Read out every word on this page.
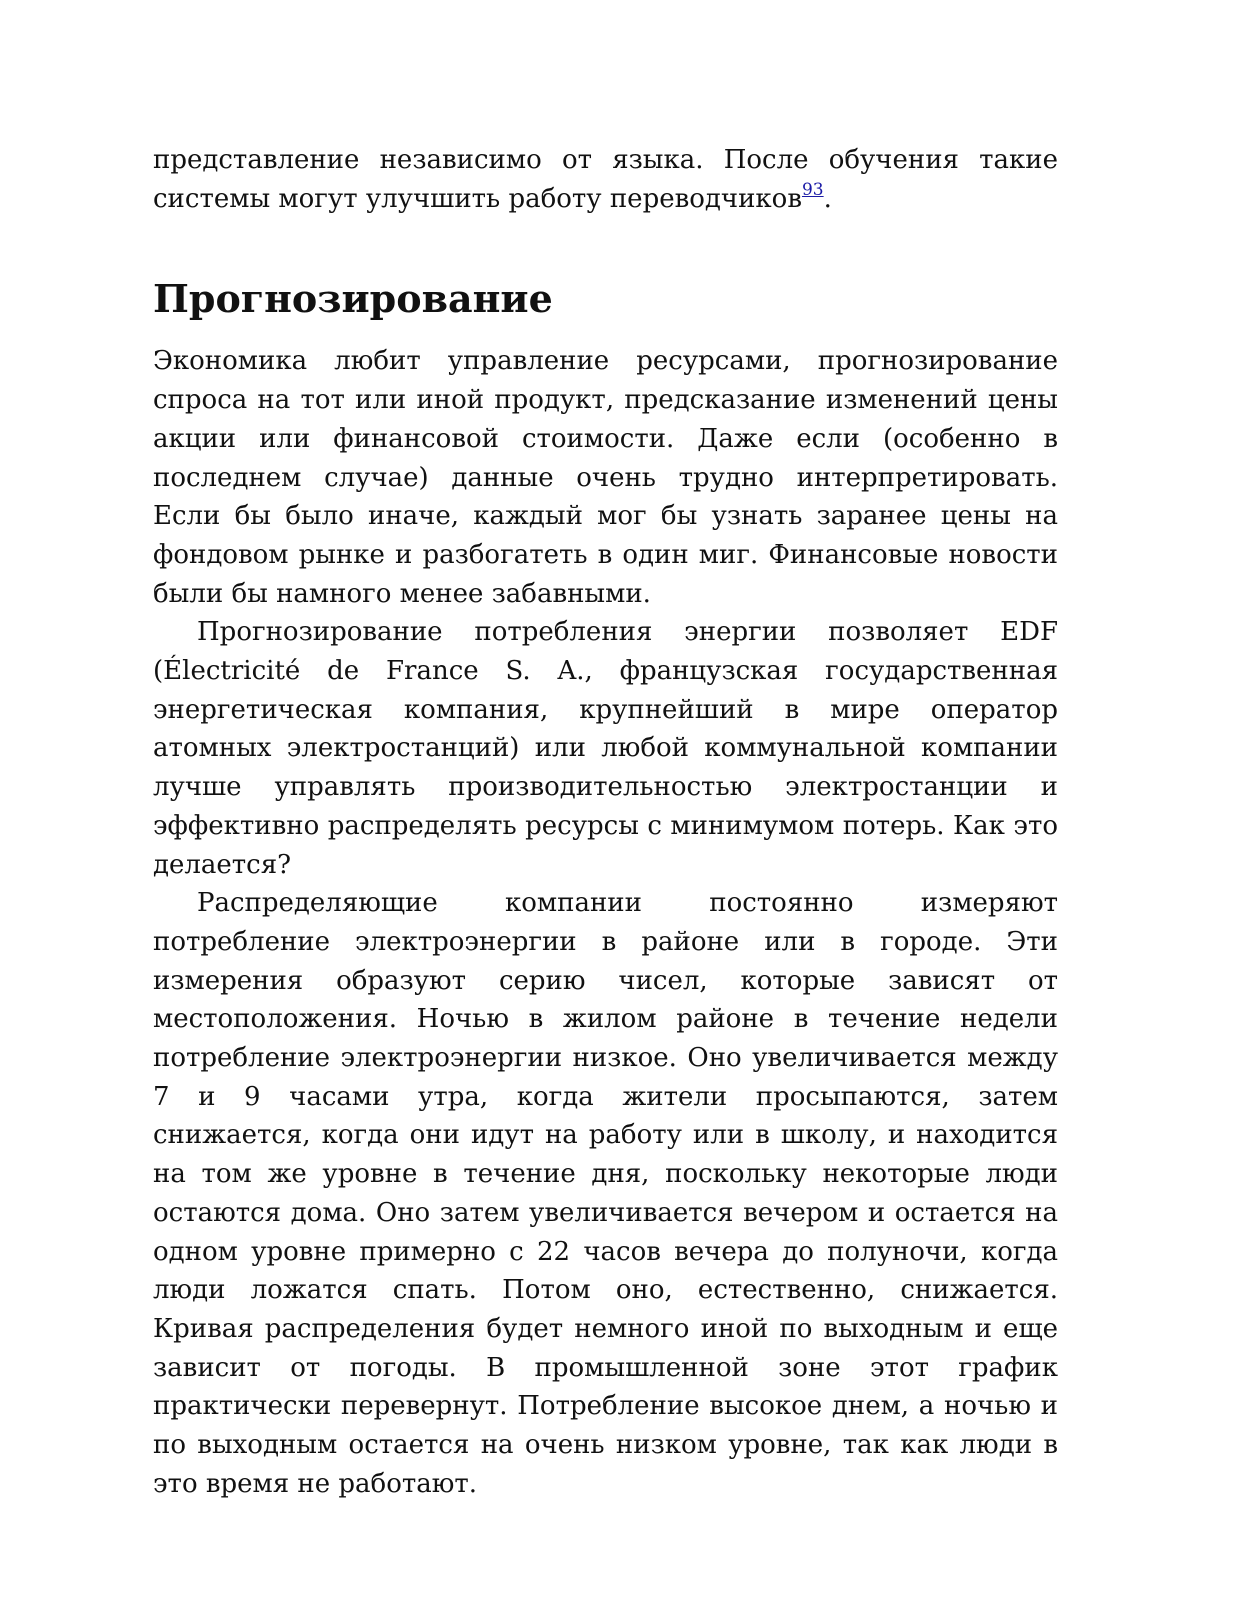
представление независимо от языка. После обучения такие системы могут улучшить работу переводчиков$^{93}$.

Прогнозирование

Экономика любит управление ресурсами, прогнозирование спроса на тот или иной продукт, предсказание изменений цены акции или финансовой стоимости. Даже если (особенно в последнем случае) данные очень трудно интерпретировать. Если бы было иначе, каждый мог бы узнать заранее цены на фондовом рынке и разбогатеть в один миг. Финансовые новости были бы намного менее забавными.

Прогнозирование потребления энергии позволяет EDF (Électricité de France S. A., французская государственная энергетическая компания, крупнейший в мире оператор атомных электростанций) или любой коммунальной компании лучше управлять производительностью электростанции и эффективно распределять ресурсы с минимумом потерь. Как это делается?

Распределяющие компании постоянно измеряют потребление электроэнергии в районе или в городе. Эти измерения образуют серию чисел, которые зависят от местоположения. Ночью в жилом районе в течение недели потребление электроэнергии низкое. Оно увеличивается между 7 и 9 часами утра, когда жители просыпаются, затем снижается, когда они идут на работу или в школу, и находится на том же уровне в течение дня, поскольку некоторые люди остаются дома. Оно затем увеличивается вечером и остается на одном уровне примерно с 22 часов вечера до полуночи, когда люди ложатся спать. Потом оно, естественно, снижается. Кривая распределения будет немного иной по выходным и еще зависит от погоды. В промышленной зоне этот график практически перевернут. Потребление высокое днем, а ночью и по выходным остается на очень низком уровне, так как люди в это время не работают.
